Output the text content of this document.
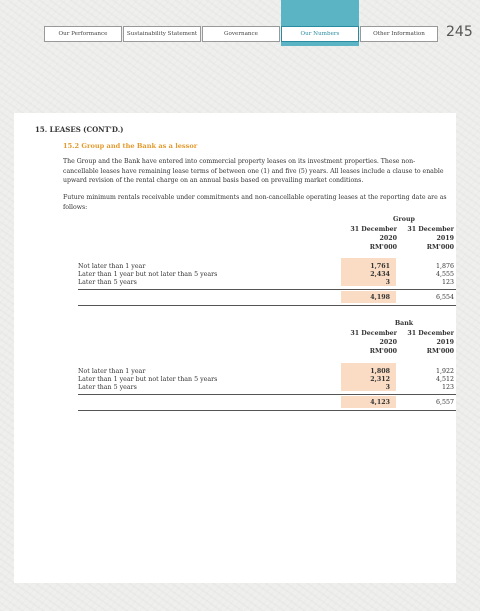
Our Performance	Sustainability Statement	Governance	Our Numbers	Other Information	245
15. LEASES (CONT'D.)
15.2 Group and the Bank as a lessor
The Group and the Bank have entered into commercial property leases on its investment properties. These non-cancellable leases have remaining lease terms of between one (1) and five (5) years. All leases include a clause to enable upward revision of the rental charge on an annual basis based on prevailing market conditions.
Future minimum rentals receivable under commitments and non-cancellable operating leases at the reporting date are as follows:
Group
31 December
2020
RM'000
31 December
2019
RM'000
Not later than 1 year	1,761	1,876
Later than 1 year but not later than 5 years	2,434	4,555
Later than 5 years	3	123
4,198	6,554
Bank
31 December
2020
RM'000
31 December
2019
RM'000
Not later than 1 year	1,808	1,922
Later than 1 year but not later than 5 years	2,312	4,512
Later than 5 years	3	123
4,123	6,557
